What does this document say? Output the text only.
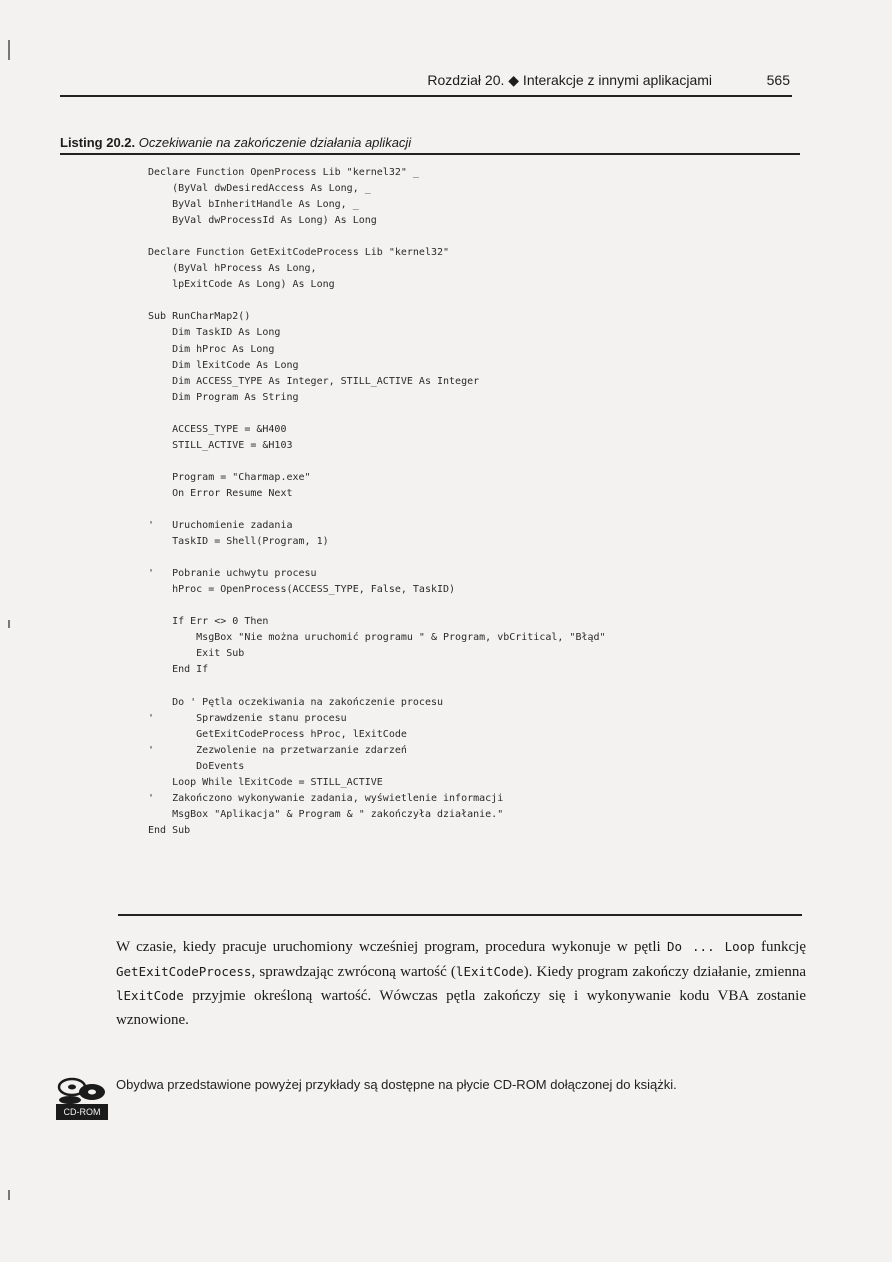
Rozdział 20. ◆ Interakcje z innymi aplikacjami	565
Listing 20.2. Oczekiwanie na zakończenie działania aplikacji
Declare Function OpenProcess Lib "kernel32" _
(ByVal dwDesiredAccess As Long, _
ByVal bInheritHandle As Long, _
ByVal dwProcessId As Long) As Long
Declare Function GetExitCodeProcess Lib "kernel32"
(ByVal hProcess As Long,
lpExitCode As Long) As Long
Sub RunCharMap2()
Dim TaskID As Long
Dim hProc As Long
Dim lExitCode As Long
Dim ACCESS_TYPE As Integer, STILL_ACTIVE As Integer
Dim Program As String
ACCESS_TYPE = &H400
STILL_ACTIVE = &H103
Program = "Charmap.exe"
On Error Resume Next
'   Uruchomienie zadania
TaskID = Shell(Program, 1)
'   Pobranie uchwytu procesu
hProc = OpenProcess(ACCESS_TYPE, False, TaskID)
If Err <> 0 Then
MsgBox "Nie można uruchomić programu " & Program, vbCritical, "Błąd"
Exit Sub
End If
Do ' Pętla oczekiwania na zakończenie procesu
'       Sprawdzenie stanu procesu
GetExitCodeProcess hProc, lExitCode
'       Zezwolenie na przetwarzanie zdarzeń
DoEvents
Loop While lExitCode = STILL_ACTIVE
'   Zakończono wykonywanie zadania, wyświetlenie informacji
MsgBox "Aplikacja" & Program & " zakończyła działanie."
End Sub
W czasie, kiedy pracuje uruchomiony wcześniej program, procedura wykonuje w pętli Do ... Loop funkcję GetExitCodeProcess, sprawdzając zwróconą wartość (lExitCode). Kiedy program zakończy działanie, zmienna lExitCode przyjmie określoną wartość. Wówczas pętla zakończy się i wykonywanie kodu VBA zostanie wznowione.
CD-ROM
Obydwa przedstawione powyżej przykłady są dostępne na płycie CD-ROM dołączonej do książki.
